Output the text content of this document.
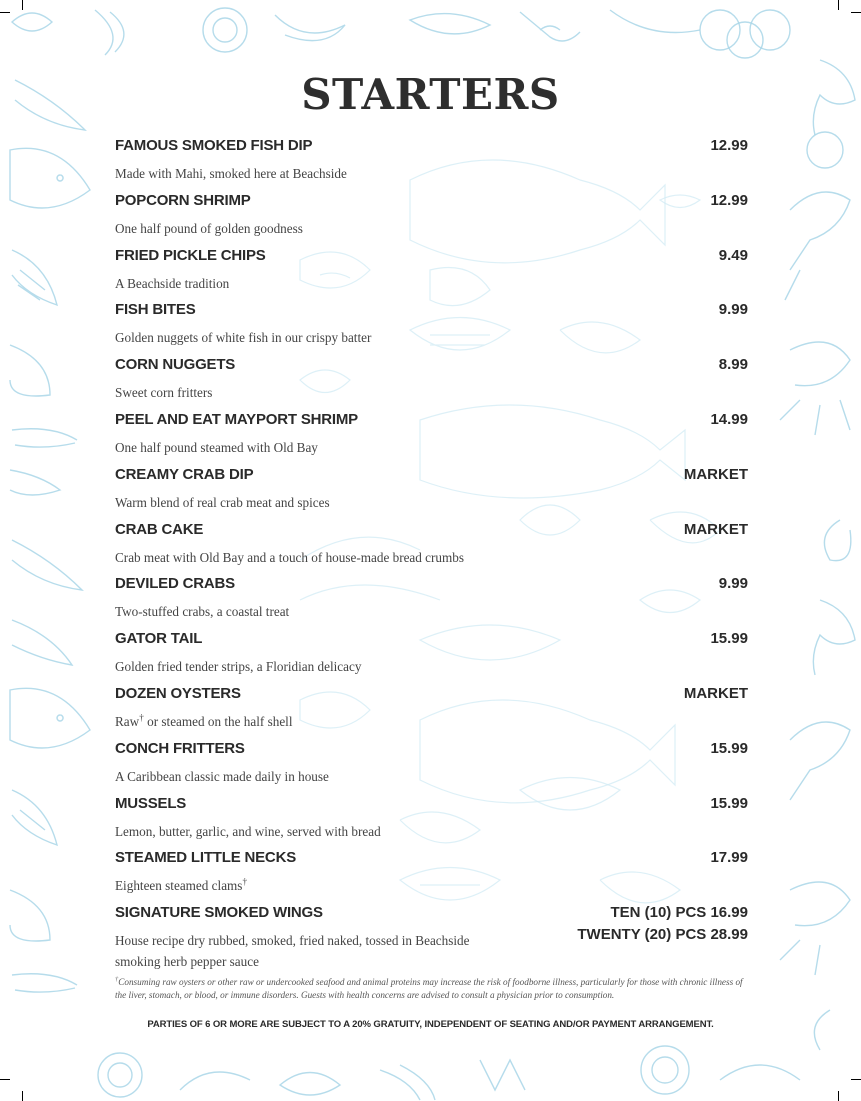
STARTERS
FAMOUS SMOKED FISH DIP
Made with Mahi, smoked here at Beachside
12.99
POPCORN SHRIMP
One half pound of golden goodness
12.99
FRIED PICKLE CHIPS
A Beachside tradition
9.49
FISH BITES
Golden nuggets of white fish in our crispy batter
9.99
CORN NUGGETS
Sweet corn fritters
8.99
PEEL AND EAT MAYPORT SHRIMP
One half pound steamed with Old Bay
14.99
CREAMY CRAB DIP
Warm blend of real crab meat and spices
MARKET
CRAB CAKE
Crab meat with Old Bay and a touch of house-made bread crumbs
MARKET
DEVILED CRABS
Two-stuffed crabs, a coastal treat
9.99
GATOR TAIL
Golden fried tender strips, a Floridian delicacy
15.99
DOZEN OYSTERS
Raw† or steamed on the half shell
MARKET
CONCH FRITTERS
A Caribbean classic made daily in house
15.99
MUSSELS
Lemon, butter, garlic, and wine, served with bread
15.99
STEAMED LITTLE NECKS
Eighteen steamed clams†
17.99
SIGNATURE SMOKED WINGS
House recipe dry rubbed, smoked, fried naked, tossed in Beachside smoking herb pepper sauce
TEN (10) PCS 16.99
TWENTY (20) PCS 28.99
†Consuming raw oysters or other raw or undercooked seafood and animal proteins may increase the risk of foodborne illness, particularly for those with chronic illness of the liver, stomach, or blood, or immune disorders. Guests with health concerns are advised to consult a physician prior to consumption.
PARTIES OF 6 OR MORE ARE SUBJECT TO A 20% GRATUITY, INDEPENDENT OF SEATING AND/OR PAYMENT ARRANGEMENT.
